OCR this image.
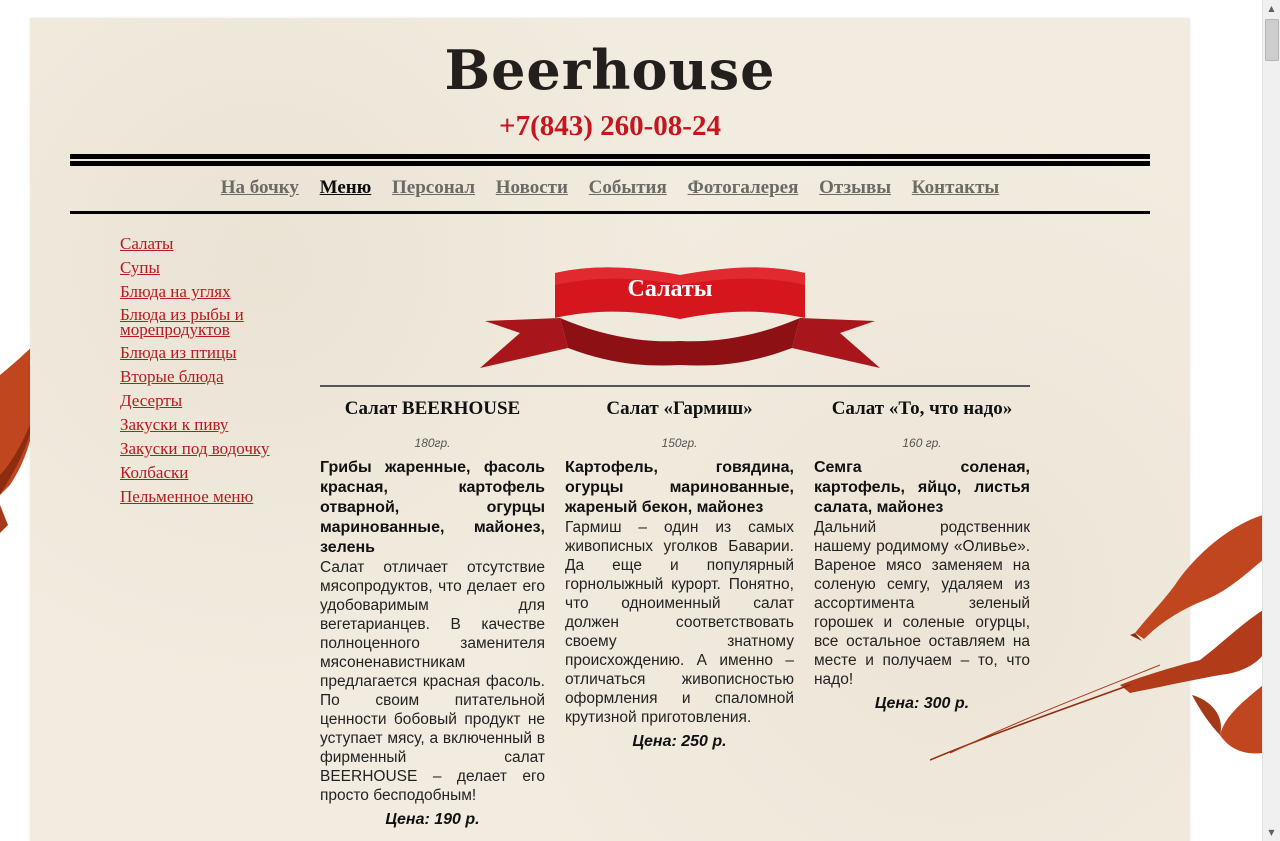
Beerhouse
+7(843) 260-08-24
На бочку Меню Персонал Новости События Фотогалерея Отзывы Контакты
Салаты
Супы
Блюда на углях
Блюда из рыбы и морепродуктов
Блюда из птицы
Вторые блюда
Десерты
Закуски к пиву
Закуски под водочку
Колбаски
Пельменное меню
Салаты
Салат BEERHOUSE
180гр.
Грибы жаренные, фасоль красная, картофель отварной, огурцы маринованные, майонез, зелень
Салат отличает отсутствие мясопродуктов, что делает его удобоваримым для вегетарианцев. В качестве полноценного заменителя мясоненавистникам предлагается красная фасоль. По своим питательной ценности бобовый продукт не уступает мясу, а включенный в фирменный салат BEERHOUSE – делает его просто бесподобным!
Цена: 190 р.
Салат «Гармиш»
150гр.
Картофель, говядина, огурцы маринованные, жареный бекон, майонез
Гармиш – один из самых живописных уголков Баварии. Да еще и популярный горнолыжный курорт. Понятно, что одноименный салат должен соответствовать своему знатному происхождению. А именно – отличаться живописностью оформления и спаломной крутизной приготовления.
Цена: 250 р.
Салат «То, что надо»
160 гр.
Семга соленая, картофель, яйцо, листья салата, майонез
Дальний родственник нашему родимому «Оливье». Вареное мясо заменяем на соленую семгу, удаляем из ассортимента зеленый горошек и соленые огурцы, все остальное оставляем на месте и получаем – то, что надо!
Цена: 300 р.
▲
▼
